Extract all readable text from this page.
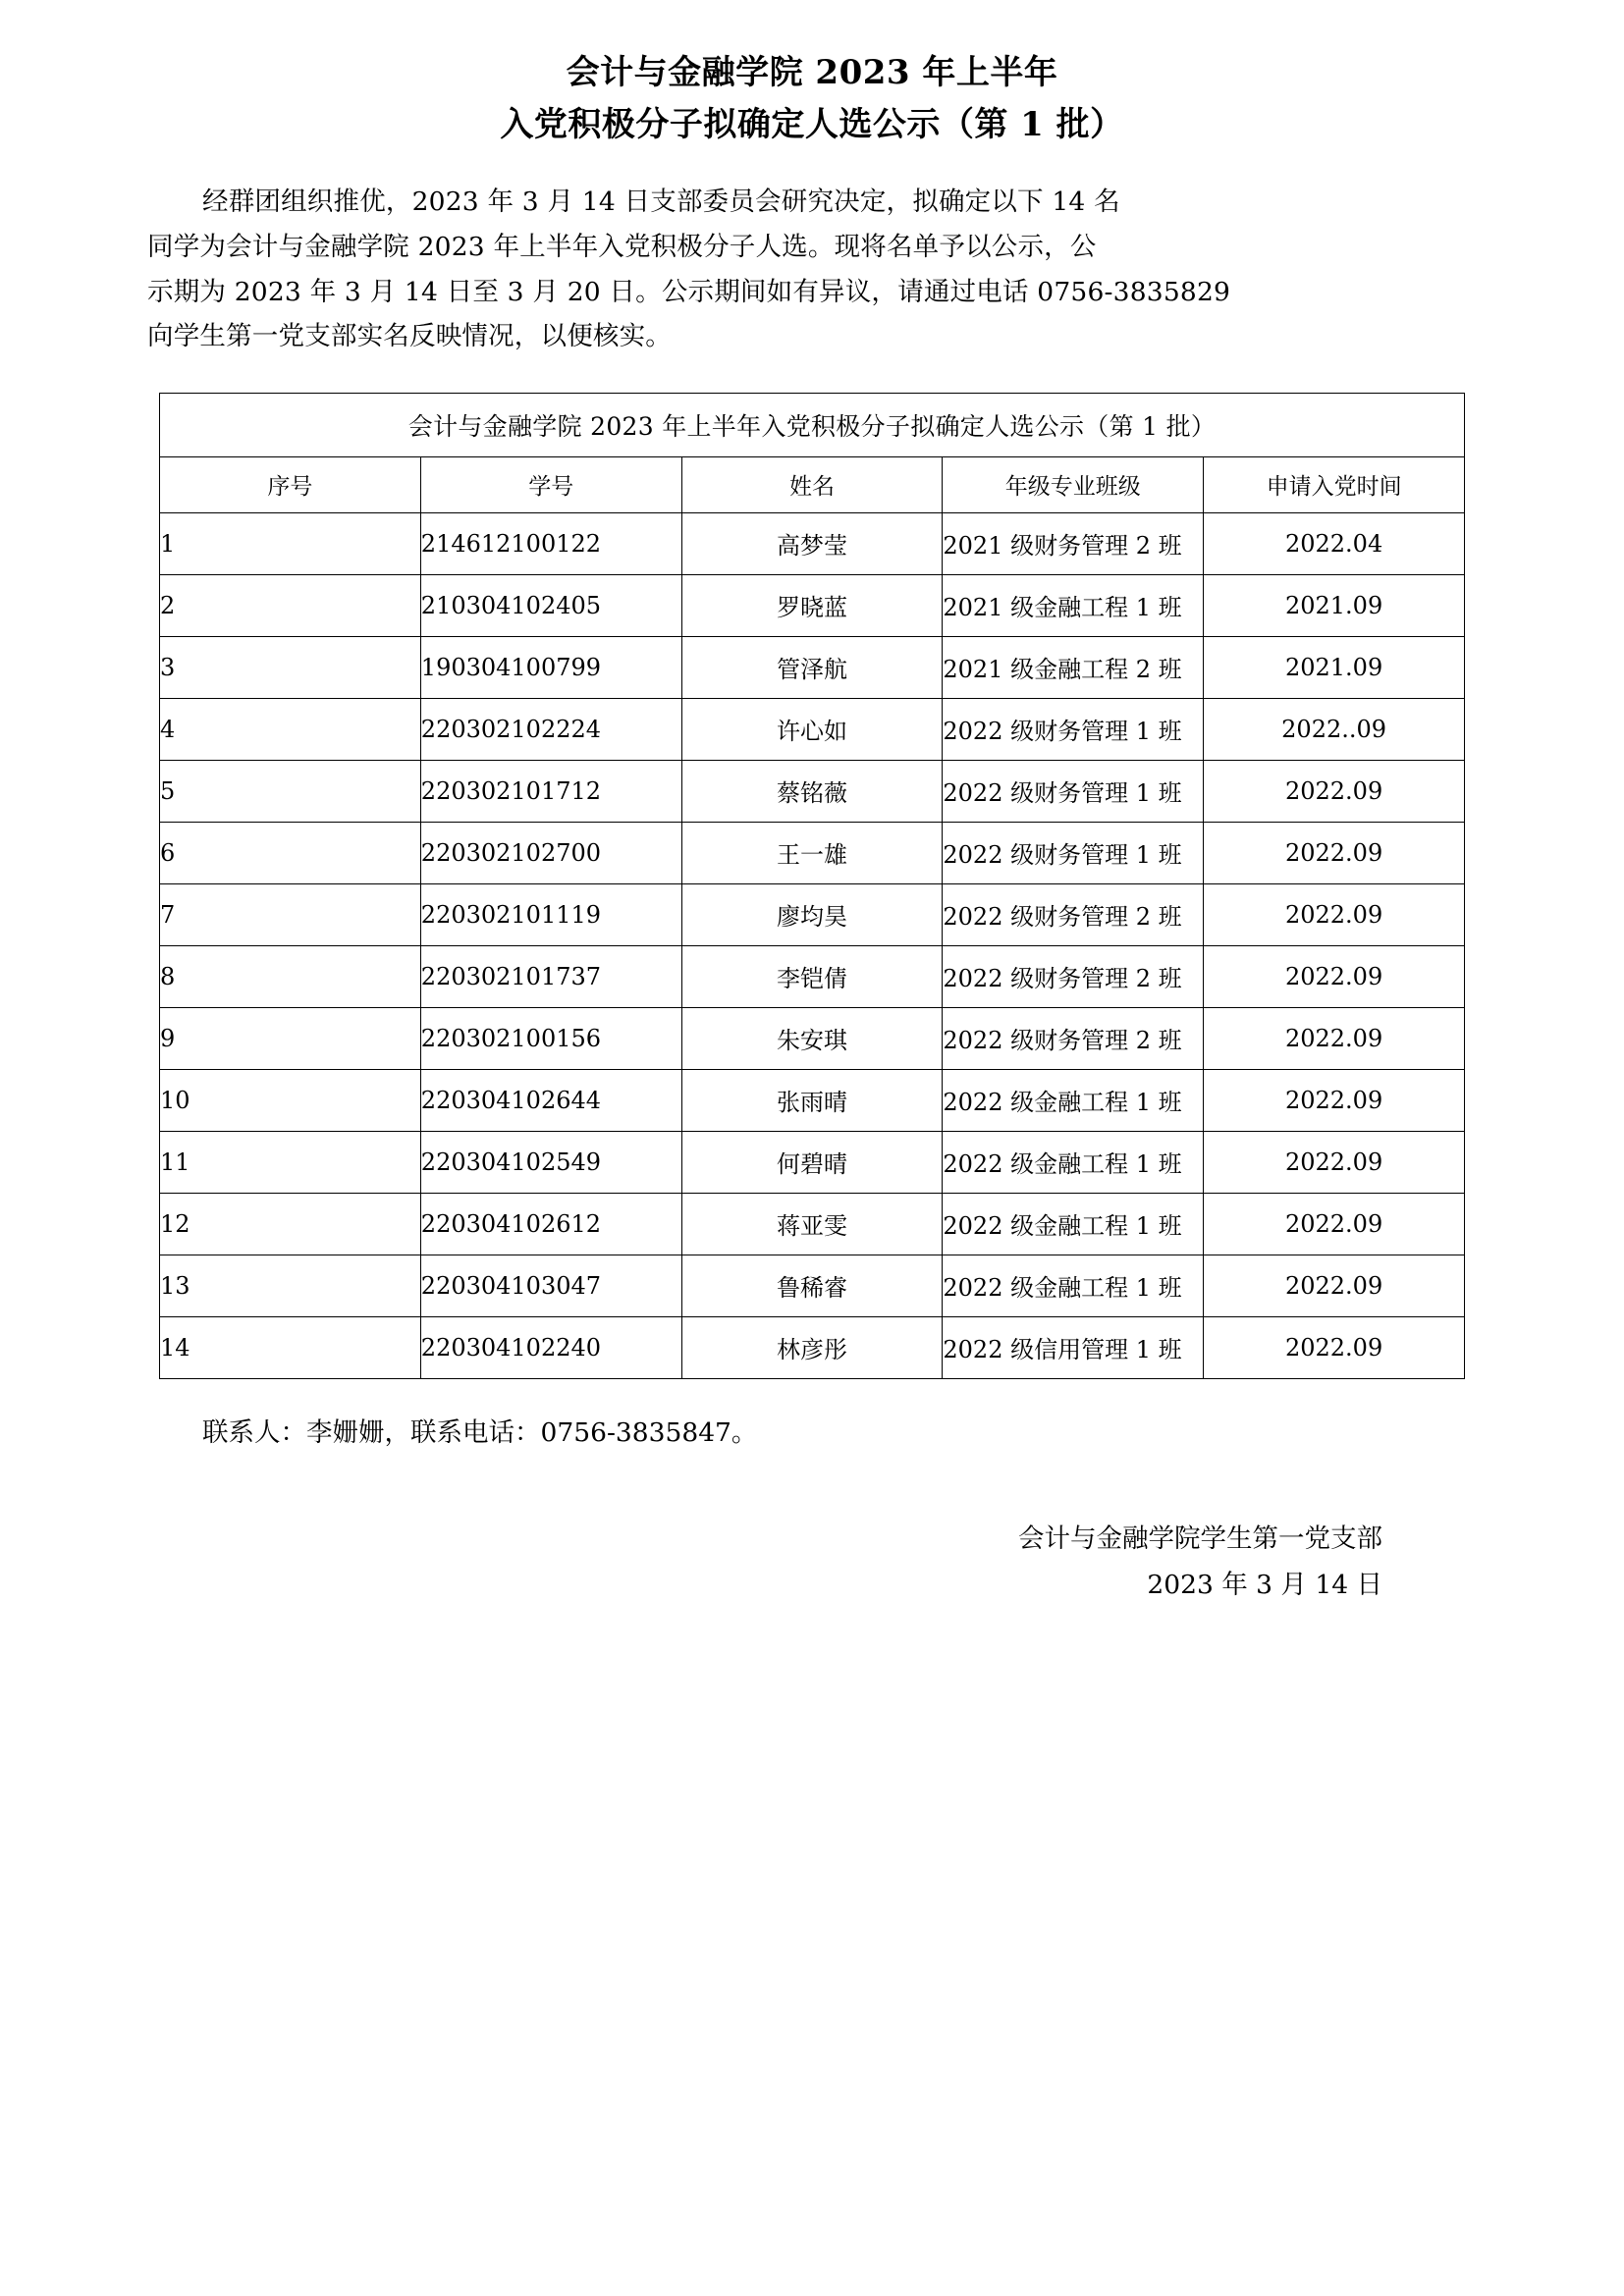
会计与金融学院 2023 年上半年
入党积极分子拟确定人选公示（第 1 批）
经群团组织推优，2023 年 3 月 14 日支部委员会研究决定，拟确定以下 14 名
同学为会计与金融学院 2023 年上半年入党积极分子人选。现将名单予以公示，公
示期为 2023 年 3 月 14 日至 3 月 20 日。公示期间如有异议，请通过电话 0756-3835829
向学生第一党支部实名反映情况，以便核实。
会计与金融学院 2023 年上半年入党积极分子拟确定人选公示（第 1 批）				
序号	学号	姓名	年级专业班级	申请入党时间
1	214612100122	高梦莹	2021 级财务管理 2 班	2022.04
2	210304102405	罗晓蓝	2021 级金融工程 1 班	2021.09
3	190304100799	管泽航	2021 级金融工程 2 班	2021.09
4	220302102224	许心如	2022 级财务管理 1 班	2022..09
5	220302101712	蔡铭薇	2022 级财务管理 1 班	2022.09
6	220302102700	王一雄	2022 级财务管理 1 班	2022.09
7	220302101119	廖均昊	2022 级财务管理 2 班	2022.09
8	220302101737	李铠倩	2022 级财务管理 2 班	2022.09
9	220302100156	朱安琪	2022 级财务管理 2 班	2022.09
10	220304102644	张雨晴	2022 级金融工程 1 班	2022.09
11	220304102549	何碧晴	2022 级金融工程 1 班	2022.09
12	220304102612	蒋亚雯	2022 级金融工程 1 班	2022.09
13	220304103047	鲁稀睿	2022 级金融工程 1 班	2022.09
14	220304102240	林彦彤	2022 级信用管理 1 班	2022.09
联系人：李姗姗，联系电话：0756-3835847。
会计与金融学院学生第一党支部
2023 年 3 月 14 日
